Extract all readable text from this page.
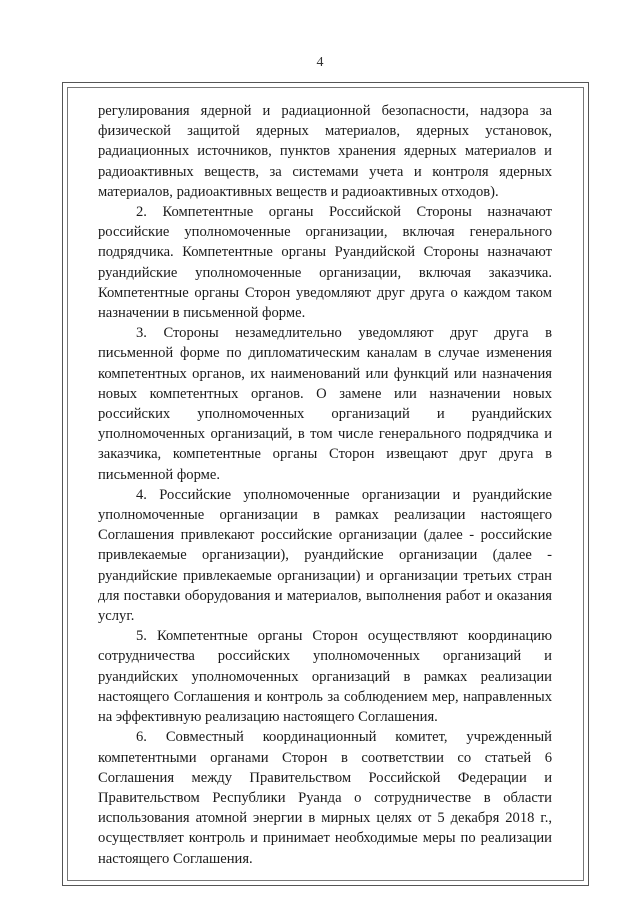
4

регулирования ядерной и радиационной безопасности, надзора за физической защитой ядерных материалов, ядерных установок, радиационных источников, пунктов хранения ядерных материалов и радиоактивных веществ, за системами учета и контроля ядерных материалов, радиоактивных веществ и радиоактивных отходов).

2. Компетентные органы Российской Стороны назначают российские уполномоченные организации, включая генерального подрядчика. Компетентные органы Руандийской Стороны назначают руандийские уполномоченные организации, включая заказчика. Компетентные органы Сторон уведомляют друг друга о каждом таком назначении в письменной форме.

3. Стороны незамедлительно уведомляют друг друга в письменной форме по дипломатическим каналам в случае изменения компетентных органов, их наименований или функций или назначения новых компетентных органов. О замене или назначении новых российских уполномоченных организаций и руандийских уполномоченных организаций, в том числе генерального подрядчика и заказчика, компетентные органы Сторон извещают друг друга в письменной форме.

4. Российские уполномоченные организации и руандийские уполномоченные организации в рамках реализации настоящего Соглашения привлекают российские организации (далее - российские привлекаемые организации), руандийские организации (далее - руандийские привлекаемые организации) и организации третьих стран для поставки оборудования и материалов, выполнения работ и оказания услуг.

5. Компетентные органы Сторон осуществляют координацию сотрудничества российских уполномоченных организаций и руандийских уполномоченных организаций в рамках реализации настоящего Соглашения и контроль за соблюдением мер, направленных на эффективную реализацию настоящего Соглашения.

6. Совместный координационный комитет, учрежденный компетентными органами Сторон в соответствии со статьей 6 Соглашения между Правительством Российской Федерации и Правительством Республики Руанда о сотрудничестве в области использования атомной энергии в мирных целях от 5 декабря 2018 г., осуществляет контроль и принимает необходимые меры по реализации настоящего Соглашения.
